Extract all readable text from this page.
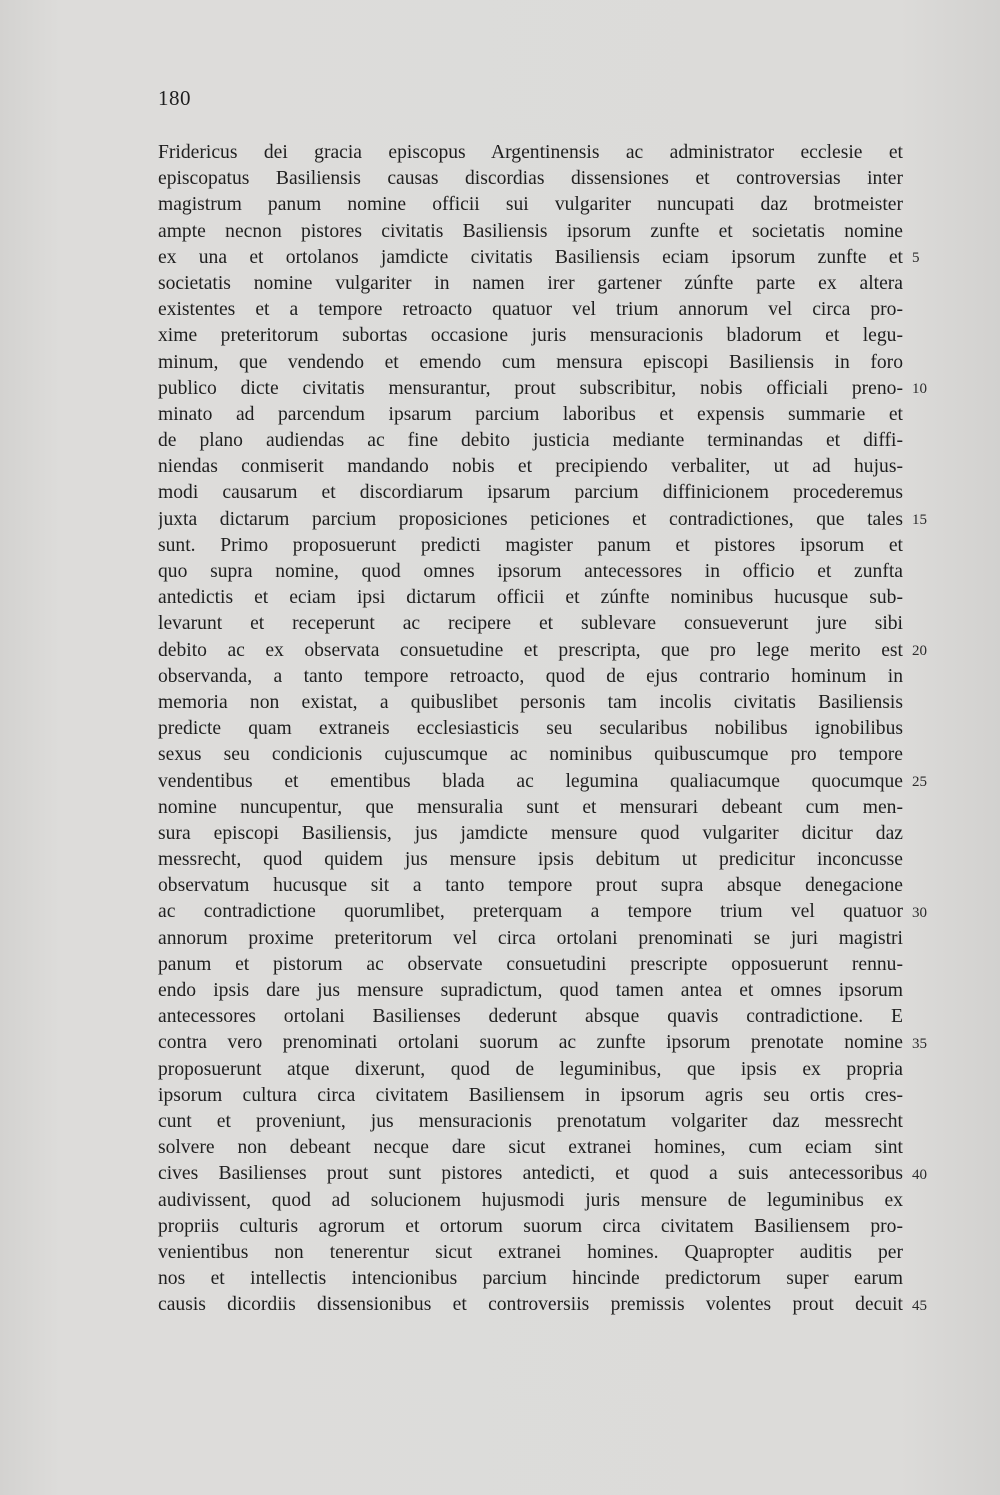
180
Fridericus dei gracia episcopus Argentinensis ac administrator ecclesie et
episcopatus Basiliensis causas discordias dissensiones et controversias inter
magistrum panum nomine officii sui vulgariter nuncupati daz brotmeister
ampte necnon pistores civitatis Basiliensis ipsorum zunfte et societatis nomine
ex una et ortolanos jamdicte civitatis Basiliensis eciam ipsorum zunfte et
societatis nomine vulgariter in namen irer gartener zúnfte parte ex altera
existentes et a tempore retroacto quatuor vel trium annorum vel circa pro-
xime preteritorum subortas occasione juris mensuracionis bladorum et legu-
minum, que vendendo et emendo cum mensura episcopi Basiliensis in foro
publico dicte civitatis mensurantur, prout subscribitur, nobis officiali preno-
minato ad parcendum ipsarum parcium laboribus et expensis summarie et
de plano audiendas ac fine debito justicia mediante terminandas et diffi-
niendas conmiserit mandando nobis et precipiendo verbaliter, ut ad hujus-
modi causarum et discordiarum ipsarum parcium diffinicionem procederemus
juxta dictarum parcium proposiciones peticiones et contradictiones, que tales
sunt. Primo proposuerunt predicti magister panum et pistores ipsorum et
quo supra nomine, quod omnes ipsorum antecessores in officio et zunfta
antedictis et eciam ipsi dictarum officii et zúnfte nominibus hucusque sub-
levarunt et receperunt ac recipere et sublevare consueverunt jure sibi
debito ac ex observata consuetudine et prescripta, que pro lege merito est
observanda, a tanto tempore retroacto, quod de ejus contrario hominum in
memoria non existat, a quibuslibet personis tam incolis civitatis Basiliensis
predicte quam extraneis ecclesiasticis seu secularibus nobilibus ignobilibus
sexus seu condicionis cujuscumque ac nominibus quibuscumque pro tempore
vendentibus et ementibus blada ac legumina qualiacumque quocumque
nomine nuncupentur, que mensuralia sunt et mensurari debeant cum men-
sura episcopi Basiliensis, jus jamdicte mensure quod vulgariter dicitur daz
messrecht, quod quidem jus mensure ipsis debitum ut predicitur inconcusse
observatum hucusque sit a tanto tempore prout supra absque denegacione
ac contradictione quorumlibet, preterquam a tempore trium vel quatuor
annorum proxime preteritorum vel circa ortolani prenominati se juri magistri
panum et pistorum ac observate consuetudini prescripte opposuerunt rennu-
endo ipsis dare jus mensure supradictum, quod tamen antea et omnes ipsorum
antecessores ortolani Basilienses dederunt absque quavis contradictione. E
contra vero prenominati ortolani suorum ac zunfte ipsorum prenotate nomine
proposuerunt atque dixerunt, quod de leguminibus, que ipsis ex propria
ipsorum cultura circa civitatem Basiliensem in ipsorum agris seu ortis cres-
cunt et proveniunt, jus mensuracionis prenotatum volgariter daz messrecht
solvere non debeant necque dare sicut extranei homines, cum eciam sint
cives Basilienses prout sunt pistores antedicti, et quod a suis antecessoribus
audivissent, quod ad solucionem hujusmodi juris mensure de leguminibus ex
propriis culturis agrorum et ortorum suorum circa civitatem Basiliensem pro-
venientibus non tenerentur sicut extranei homines. Quapropter auditis per
nos et intellectis intencionibus parcium hincinde predictorum super earum
causis dicordiis dissensionibus et controversiis premissis volentes prout decuit
5
10
15
20
25
30
35
40
45
